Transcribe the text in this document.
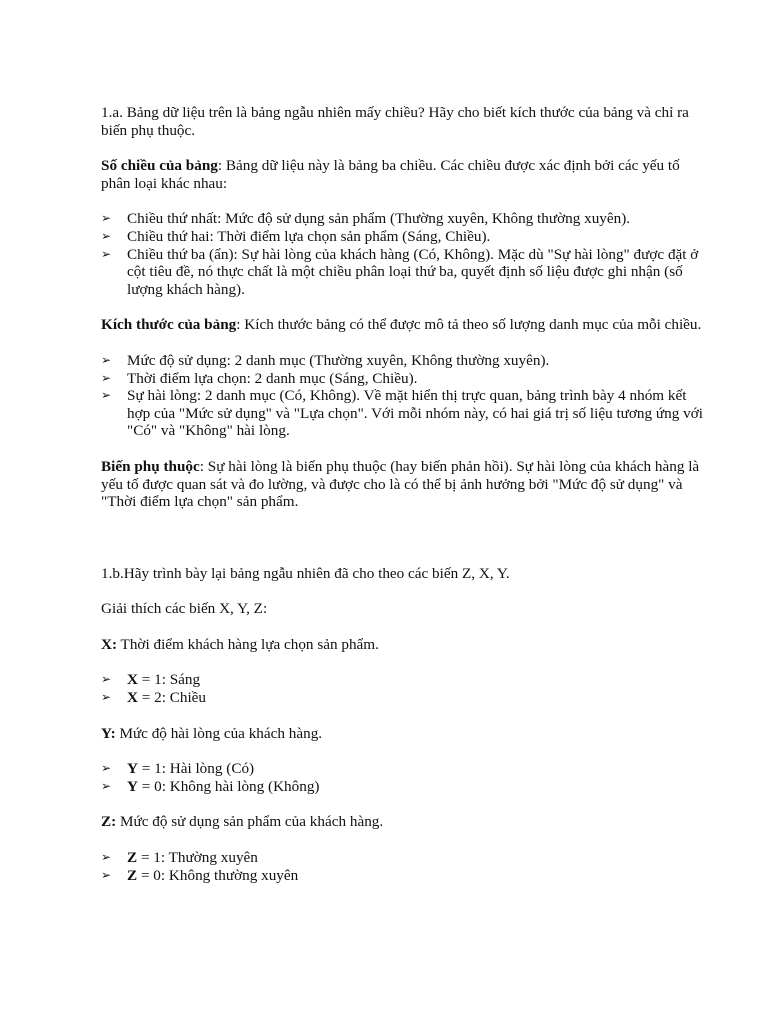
1.a. Bảng dữ liệu trên là bảng ngẫu nhiên mấy chiều? Hãy cho biết kích thước của bảng và chỉ ra biến phụ thuộc.

Số chiều của bảng: Bảng dữ liệu này là bảng ba chiều. Các chiều được xác định bởi các yếu tố phân loại khác nhau:

➢	Chiều thứ nhất: Mức độ sử dụng sản phẩm (Thường xuyên, Không thường xuyên).
➢	Chiều thứ hai: Thời điểm lựa chọn sản phẩm (Sáng, Chiều).
➢	Chiều thứ ba (ẩn): Sự hài lòng của khách hàng (Có, Không). Mặc dù "Sự hài lòng" được đặt ở cột tiêu đề, nó thực chất là một chiều phân loại thứ ba, quyết định số liệu được ghi nhận (số lượng khách hàng).

Kích thước của bảng: Kích thước bảng có thể được mô tả theo số lượng danh mục của mỗi chiều.

➢	Mức độ sử dụng: 2 danh mục (Thường xuyên, Không thường xuyên).
➢	Thời điểm lựa chọn: 2 danh mục (Sáng, Chiều).
➢	Sự hài lòng: 2 danh mục (Có, Không). Về mặt hiển thị trực quan, bảng trình bày 4 nhóm kết hợp của "Mức sử dụng" và "Lựa chọn". Với mỗi nhóm này, có hai giá trị số liệu tương ứng với "Có" và "Không" hài lòng.

Biến phụ thuộc: Sự hài lòng là biến phụ thuộc (hay biến phản hồi). Sự hài lòng của khách hàng là yếu tố được quan sát và đo lường, và được cho là có thể bị ảnh hưởng bởi "Mức độ sử dụng" và "Thời điểm lựa chọn" sản phẩm.

1.b.Hãy trình bày lại bảng ngẫu nhiên đã cho theo các biến Z, X, Y.

Giải thích các biến X, Y, Z:

X: Thời điểm khách hàng lựa chọn sản phẩm.

➢	X = 1: Sáng
➢	X = 2: Chiều

Y: Mức độ hài lòng của khách hàng.

➢	Y = 1: Hài lòng (Có)
➢	Y = 0: Không hài lòng (Không)

Z: Mức độ sử dụng sản phẩm của khách hàng.

➢	Z = 1: Thường xuyên
➢	Z = 0: Không thường xuyên
